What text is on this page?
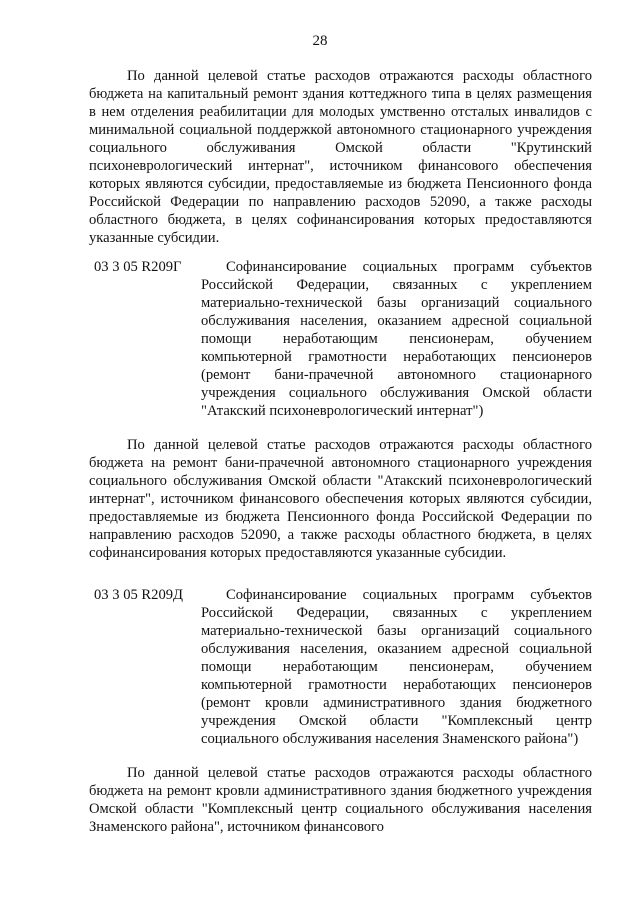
28

По данной целевой статье расходов отражаются расходы областного бюджета на капитальный ремонт здания коттеджного типа в целях размещения в нем отделения реабилитации для молодых умственно отсталых инвалидов с минимальной социальной поддержкой автономного стационарного учреждения социального обслуживания Омской области "Крутинский психоневрологический интернат", источником финансового обеспечения которых являются субсидии, предоставляемые из бюджета Пенсионного фонда Российской Федерации по направлению расходов 52090, а также расходы областного бюджета, в целях софинансирования которых предоставляются указанные субсидии.

03 3 05 R209Г	Софинансирование социальных программ субъектов Российской Федерации, связанных с укреплением материально-технической базы организаций социального обслуживания населения, оказанием адресной социальной помощи неработающим пенсионерам, обучением компьютерной грамотности неработающих пенсионеров (ремонт бани-прачечной автономного стационарного учреждения социального обслуживания Омской области "Атакский психоневрологический интернат")

По данной целевой статье расходов отражаются расходы областного бюджета на ремонт бани-прачечной автономного стационарного учреждения социального обслуживания Омской области "Атакский психоневрологический интернат", источником финансового обеспечения которых являются субсидии, предоставляемые из бюджета Пенсионного фонда Российской Федерации по направлению расходов 52090, а также расходы областного бюджета, в целях софинансирования которых предоставляются указанные субсидии.

03 3 05 R209Д	Софинансирование социальных программ субъектов Российской Федерации, связанных с укреплением материально-технической базы организаций социального обслуживания населения, оказанием адресной социальной помощи неработающим пенсионерам, обучением компьютерной грамотности неработающих пенсионеров (ремонт кровли административного здания бюджетного учреждения Омской области "Комплексный центр социального обслуживания населения Знаменского района")

По данной целевой статье расходов отражаются расходы областного бюджета на ремонт кровли административного здания бюджетного учреждения Омской области "Комплексный центр социального обслуживания населения Знаменского района", источником финансового
